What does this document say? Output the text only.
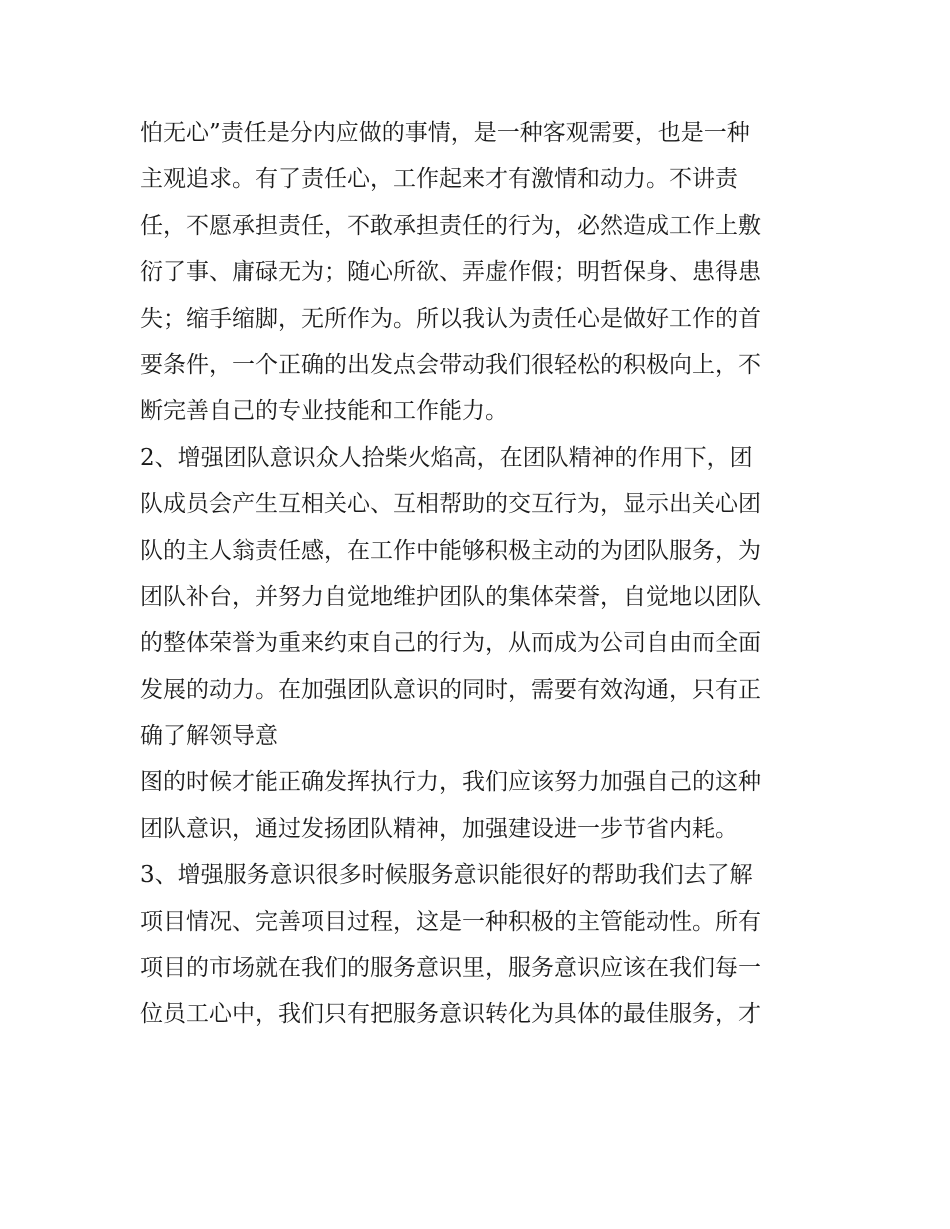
怕无心”责任是分内应做的事情，是一种客观需要，也是一种
主观追求。有了责任心，工作起来才有激情和动力。不讲责
任，不愿承担责任，不敢承担责任的行为，必然造成工作上敷
衍了事、庸碌无为；随心所欲、弄虚作假；明哲保身、患得患
失；缩手缩脚，无所作为。所以我认为责任心是做好工作的首
要条件，一个正确的出发点会带动我们很轻松的积极向上，不
断完善自己的专业技能和工作能力。
2、增强团队意识众人拾柴火焰高，在团队精神的作用下，团
队成员会产生互相关心、互相帮助的交互行为，显示出关心团
队的主人翁责任感，在工作中能够积极主动的为团队服务，为
团队补台，并努力自觉地维护团队的集体荣誉，自觉地以团队
的整体荣誉为重来约束自己的行为，从而成为公司自由而全面
发展的动力。在加强团队意识的同时，需要有效沟通，只有正
确了解领导意
图的时候才能正确发挥执行力，我们应该努力加强自己的这种
团队意识，通过发扬团队精神，加强建设进一步节省内耗。
3、增强服务意识很多时候服务意识能很好的帮助我们去了解
项目情况、完善项目过程，这是一种积极的主管能动性。所有
项目的市场就在我们的服务意识里，服务意识应该在我们每一
位员工心中，我们只有把服务意识转化为具体的最佳服务，才
